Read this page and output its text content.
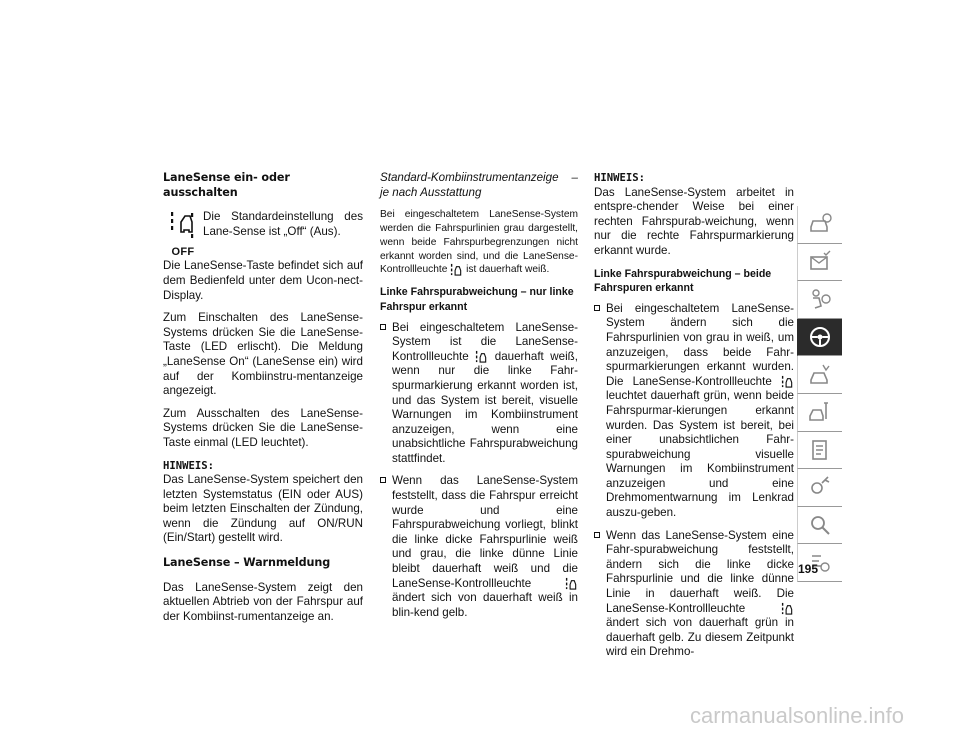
LaneSense ein- oder ausschalten
OFF

Die Standardeinstellung des Lane-Sense ist „Off“ (Aus).

Die LaneSense-Taste befindet sich auf dem Bedienfeld unter dem Ucon-nect-Display.

Zum Einschalten des LaneSense-Systems drücken Sie die LaneSense-Taste (LED erlischt). Die Meldung „LaneSense On“ (LaneSense ein) wird auf der Kombiinstru-mentanzeige angezeigt.

Zum Ausschalten des LaneSense-Systems drücken Sie die LaneSense-Taste einmal (LED leuchtet).

HINWEIS:

Das LaneSense-System speichert den letzten Systemstatus (EIN oder AUS) beim letzten Einschalten der Zündung, wenn die Zündung auf ON/RUN (Ein/Start) gestellt wird.

LaneSense – Warnmeldung

Das LaneSense-System zeigt den aktuellen Abtrieb von der Fahrspur auf der Kombiinst-rumentanzeige an.

Standard-Kombiinstrumentanzeige – je nach Ausstattung

Bei eingeschaltetem LaneSense-System werden die Fahrspurlinien grau dargestellt, wenn beide Fahrspurbegrenzungen nicht erkannt worden sind, und die LaneSense-Kontrollleuchte ist dauerhaft weiß.

Linke Fahrspurabweichung – nur linke Fahrspur erkannt
Bei eingeschaltetem LaneSense-System ist die LaneSense-Kontrollleuchte dauerhaft weiß, wenn nur die linke Fahr-spurmarkierung erkannt worden ist, und das System ist bereit, visuelle Warnungen im Kombiinstrument anzuzeigen, wenn eine unabsichtliche Fahrspurabweichung stattfindet.
Wenn das LaneSense-System feststellt, dass die Fahrspur erreicht wurde und eine Fahrspurabweichung vorliegt, blinkt die linke dicke Fahrspurlinie weiß und grau, die linke dünne Linie bleibt dauerhaft weiß und die LaneSense-Kontrollleuchte  ändert sich von dauerhaft weiß in blin-kend gelb.
HINWEIS:

Das LaneSense-System arbeitet in entspre-chender Weise bei einer rechten Fahrspurab-weichung, wenn nur die rechte Fahrspurmarkierung erkannt wurde.

Linke Fahrspurabweichung – beide Fahrspuren erkannt
Bei eingeschaltetem LaneSense-System ändern sich die Fahrspurlinien von grau in weiß, um anzuzeigen, dass beide Fahr-spurmarkierungen erkannt wurden. Die LaneSense-Kontrollleuchte  leuchtet dauerhaft grün, wenn beide Fahrspurmar-kierungen erkannt wurden. Das System ist bereit, bei einer unabsichtlichen Fahr-spurabweichung visuelle Warnungen im Kombiinstrument anzuzeigen und eine Drehmomentwarnung im Lenkrad auszu-geben.
Wenn das LaneSense-System eine Fahr-spurabweichung feststellt, ändern sich die linke dicke Fahrspurlinie und die linke dünne Linie in dauerhaft weiß. Die LaneSense-Kontrollleuchte  ändert sich von dauerhaft grün in dauerhaft gelb. Zu diesem Zeitpunkt wird ein Drehmo-
195
carmanualsonline.info
